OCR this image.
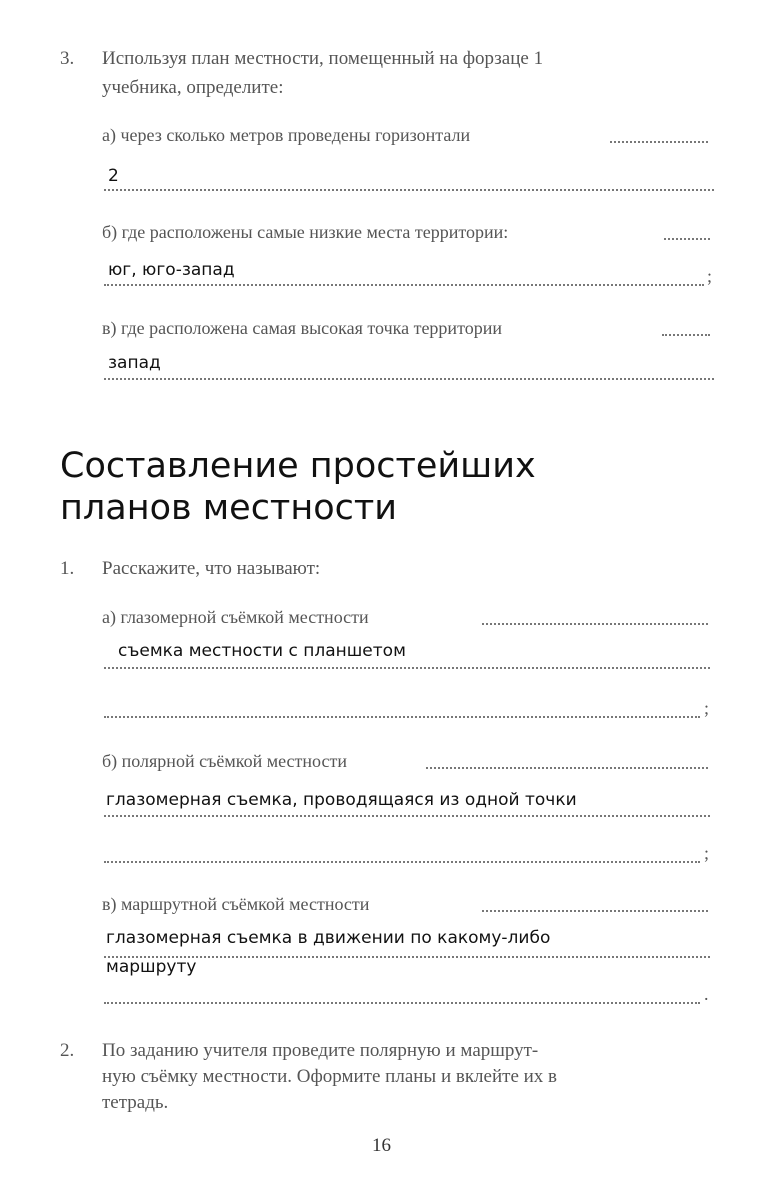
3. Используя план местности, помещенный на форзаце 1
учебника, определите:
а) через сколько метров проведены горизонтали
2
б) где расположены самые низкие места территории:
юг, юго-запад	;
в) где расположена самая высокая точка территории
запад
Составление простейших
планов местности
1. Расскажите, что называют:
а) глазомерной съёмкой местности
съемка местности с планшетом
;
б) полярной съёмкой местности
глазомерная съемка, проводящаяся из одной точки
;
в) маршрутной съёмкой местности
глазомерная съемка в движении по какому-либо
маршруту
.
2. По заданию учителя проведите полярную и маршрут-
ную съёмку местности. Оформите планы и вклейте их в
тетрадь.
16
